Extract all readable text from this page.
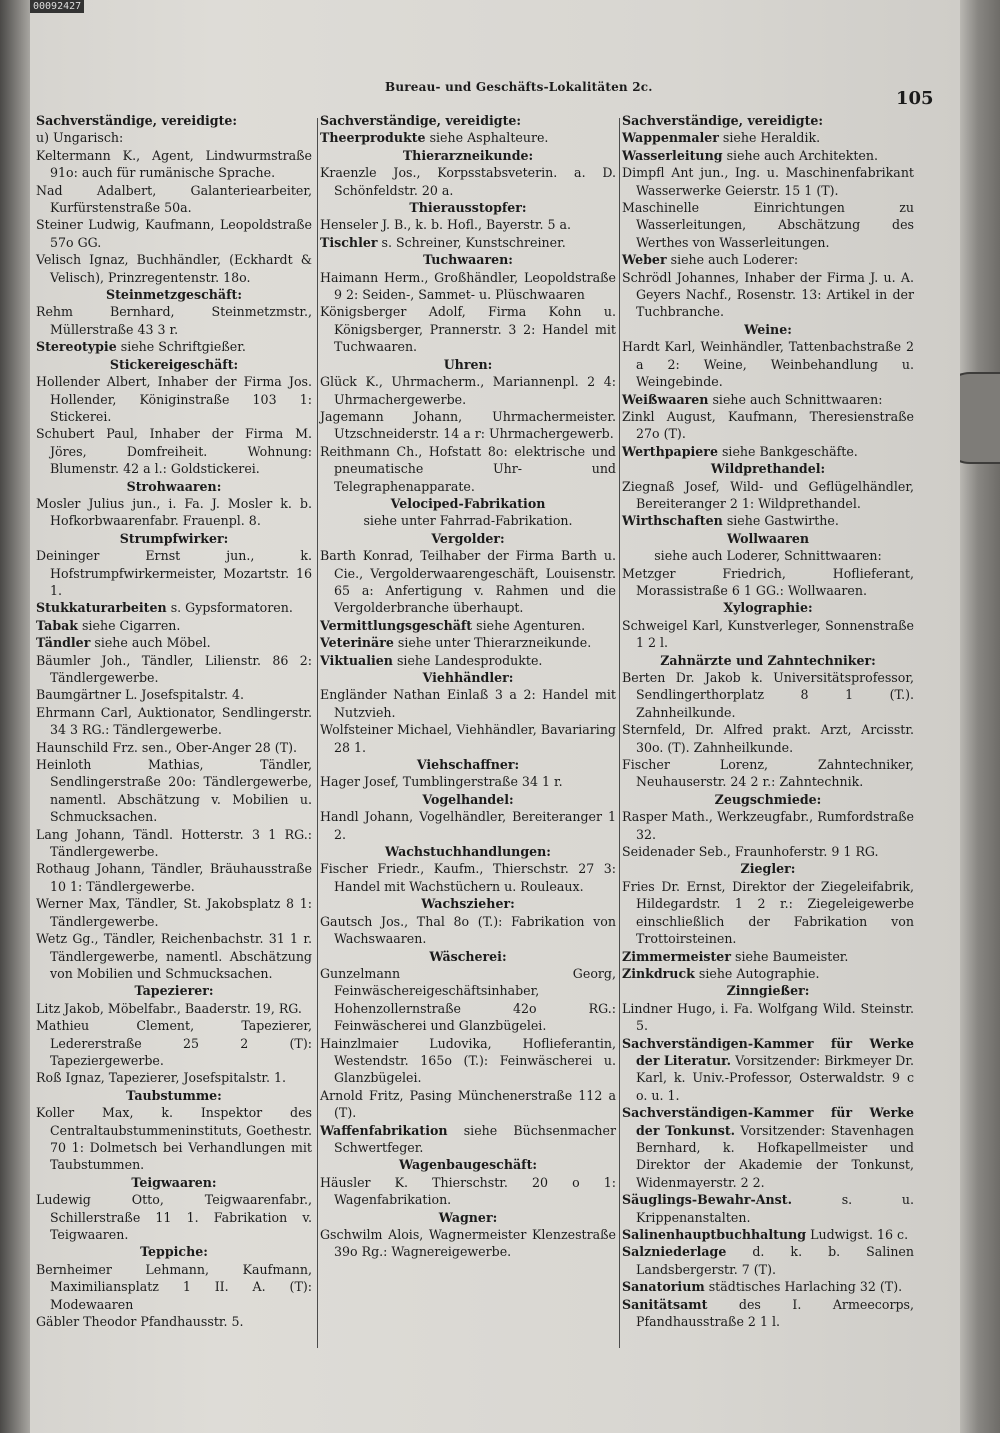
00092427
Bureau- und Geschäfts-Lokalitäten 2c.
105
Sachverständige, vereidigte:
u) Ungarisch:
Keltermann K., Agent, Lindwurmstraße 91o: auch für rumänische Sprache.
Nad Adalbert, Galanteriearbeiter, Kurfürstenstraße 50a.
Steiner Ludwig, Kaufmann, Leopoldstraße 57o GG.
Velisch Ignaz, Buchhändler, (Eckhardt & Velisch), Prinzregentenstr. 18o.
Steinmetzgeschäft:
Rehm Bernhard, Steinmetzmstr., Müllerstraße 43 3 r.
Stereotypie siehe Schriftgießer.
Stickereigeschäft:
Hollender Albert, Inhaber der Firma Jos. Hollender, Königinstraße 103 1: Stickerei.
Schubert Paul, Inhaber der Firma M. Jöres, Domfreiheit. Wohnung: Blumenstr. 42 a l.: Goldstickerei.
Strohwaaren:
Mosler Julius jun., i. Fa. J. Mosler k. b. Hofkorbwaarenfabr. Frauenpl. 8.
Strumpfwirker:
Deininger Ernst jun., k. Hofstrumpfwirkermeister, Mozartstr. 16 1.
Stukkaturarbeiten s. Gypsformatoren.
Tabak siehe Cigarren.
Tändler siehe auch Möbel.
Bäumler Joh., Tändler, Lilienstr. 86 2: Tändlergewerbe.
Baumgärtner L. Josefspitalstr. 4.
Ehrmann Carl, Auktionator, Sendlingerstr. 34 3 RG.: Tändlergewerbe.
Haunschild Frz. sen., Ober-Anger 28 (T).
Heinloth Mathias, Tändler, Sendlingerstraße 20o: Tändlergewerbe, namentl. Abschätzung v. Mobilien u. Schmucksachen.
Lang Johann, Tändl. Hotterstr. 3 1 RG.: Tändlergewerbe.
Rothaug Johann, Tändler, Bräuhausstraße 10 1: Tändlergewerbe.
Werner Max, Tändler, St. Jakobsplatz 8 1: Tändlergewerbe.
Wetz Gg., Tändler, Reichenbachstr. 31 1 r. Tändlergewerbe, namentl. Abschätzung von Mobilien und Schmucksachen.
Tapezierer:
Litz Jakob, Möbelfabr., Baaderstr. 19, RG.
Mathieu Clement, Tapezierer, Ledererstraße 25 2 (T): Tapeziergewerbe.
Roß Ignaz, Tapezierer, Josefspitalstr. 1.
Taubstumme:
Koller Max, k. Inspektor des Centraltaubstummeninstituts, Goethestr. 70 1: Dolmetsch bei Verhandlungen mit Taubstummen.
Teigwaaren:
Ludewig Otto, Teigwaarenfabr., Schillerstraße 11 1. Fabrikation v. Teigwaaren.
Teppiche:
Bernheimer Lehmann, Kaufmann, Maximiliansplatz 1 II. A. (T): Modewaaren
Gäbler Theodor Pfandhausstr. 5.
Sachverständige, vereidigte:
Theerprodukte siehe Asphalteure.
Thierarzneikunde:
Kraenzle Jos., Korpsstabsveterin. a. D. Schönfeldstr. 20 a.
Thierausstopfer:
Henseler J. B., k. b. Hofl., Bayerstr. 5 a.
Tischler s. Schreiner, Kunstschreiner.
Tuchwaaren:
Haimann Herm., Großhändler, Leopoldstraße 9 2: Seiden-, Sammet- u. Plüschwaaren
Königsberger Adolf, Firma Kohn u. Königsberger, Prannerstr. 3 2: Handel mit Tuchwaaren.
Uhren:
Glück K., Uhrmacherm., Mariannenpl. 2 4: Uhrmachergewerbe.
Jagemann Johann, Uhrmachermeister. Utzschneiderstr. 14 a r: Uhrmachergewerb.
Reithmann Ch., Hofstatt 8o: elektrische und pneumatische Uhr- und Telegraphenapparate.
Velociped-Fabrikation
siehe unter Fahrrad-Fabrikation.
Vergolder:
Barth Konrad, Teilhaber der Firma Barth u. Cie., Vergolderwaarengeschäft, Louisenstr. 65 a: Anfertigung v. Rahmen und die Vergolderbranche überhaupt.
Vermittlungsgeschäft siehe Agenturen.
Veterinäre siehe unter Thierarzneikunde.
Viktualien siehe Landesprodukte.
Viehhändler:
Engländer Nathan Einlaß 3 a 2: Handel mit Nutzvieh.
Wolfsteiner Michael, Viehhändler, Bavariaring 28 1.
Viehschaffner:
Hager Josef, Tumblingerstraße 34 1 r.
Vogelhandel:
Handl Johann, Vogelhändler, Bereiteranger 1 2.
Wachstuchhandlungen:
Fischer Friedr., Kaufm., Thierschstr. 27 3: Handel mit Wachstüchern u. Rouleaux.
Wachszieher:
Gautsch Jos., Thal 8o (T.): Fabrikation von Wachswaaren.
Wäscherei:
Gunzelmann Georg, Feinwäschereigeschäftsinhaber, Hohenzollernstraße 42o RG.: Feinwäscherei und Glanzbügelei.
Hainzlmaier Ludovika, Hoflieferantin, Westendstr. 165o (T.): Feinwäscherei u. Glanzbügelei.
Arnold Fritz, Pasing Münchenerstraße 112 a (T).
Waffenfabrikation siehe Büchsenmacher Schwertfeger.
Wagenbaugeschäft:
Häusler K. Thierschstr. 20 o 1: Wagenfabrikation.
Wagner:
Gschwilm Alois, Wagnermeister Klenzestraße 39o Rg.: Wagnereigewerbe.
Sachverständige, vereidigte:
Wappenmaler siehe Heraldik.
Wasserleitung siehe auch Architekten.
Dimpfl Ant jun., Ing. u. Maschinenfabrikant Wasserwerke Geierstr. 15 1 (T).
Maschinelle Einrichtungen zu Wasserleitungen, Abschätzung des Werthes von Wasserleitungen.
Weber siehe auch Loderer:
Schrödl Johannes, Inhaber der Firma J. u. A. Geyers Nachf., Rosenstr. 13: Artikel in der Tuchbranche.
Weine:
Hardt Karl, Weinhändler, Tattenbachstraße 2 a 2: Weine, Weinbehandlung u. Weingebinde.
Weißwaaren siehe auch Schnittwaaren:
Zinkl August, Kaufmann, Theresienstraße 27o (T).
Werthpapiere siehe Bankgeschäfte.
Wildprethandel:
Ziegnaß Josef, Wild- und Geflügelhändler, Bereiteranger 2 1: Wildprethandel.
Wirthschaften siehe Gastwirthe.
Wollwaaren
siehe auch Loderer, Schnittwaaren:
Metzger Friedrich, Hoflieferant, Morassistraße 6 1 GG.: Wollwaaren.
Xylographie:
Schweigel Karl, Kunstverleger, Sonnenstraße 1 2 l.
Zahnärzte und Zahntechniker:
Berten Dr. Jakob k. Universitätsprofessor, Sendlingerthorplatz 8 1 (T.). Zahnheilkunde.
Sternfeld, Dr. Alfred prakt. Arzt, Arcisstr. 30o. (T). Zahnheilkunde.
Fischer Lorenz, Zahntechniker, Neuhauserstr. 24 2 r.: Zahntechnik.
Zeugschmiede:
Rasper Math., Werkzeugfabr., Rumfordstraße 32.
Seidenader Seb., Fraunhoferstr. 9 1 RG.
Ziegler:
Fries Dr. Ernst, Direktor der Ziegeleifabrik, Hildegardstr. 1 2 r.: Ziegeleigewerbe einschließlich der Fabrikation von Trottoirsteinen.
Zimmermeister siehe Baumeister.
Zinkdruck siehe Autographie.
Zinngießer:
Lindner Hugo, i. Fa. Wolfgang Wild. Steinstr. 5.
Sachverständigen-Kammer für Werke der Literatur. Vorsitzender: Birkmeyer Dr. Karl, k. Univ.-Professor, Osterwaldstr. 9 c o. u. 1.
Sachverständigen-Kammer für Werke der Tonkunst. Vorsitzender: Stavenhagen Bernhard, k. Hofkapellmeister und Direktor der Akademie der Tonkunst, Widenmayerstr. 2 2.
Säuglings-Bewahr-Anst.	s. u. Krippenanstalten.
Salinenhauptbuchhaltung Ludwigst. 16 c.
Salzniederlage d. k. b. Salinen Landsbergerstr. 7 (T).
Sanatorium städtisches Harlaching 32 (T).
Sanitätsamt	des I. Armeecorps, Pfandhausstraße 2 1 l.
